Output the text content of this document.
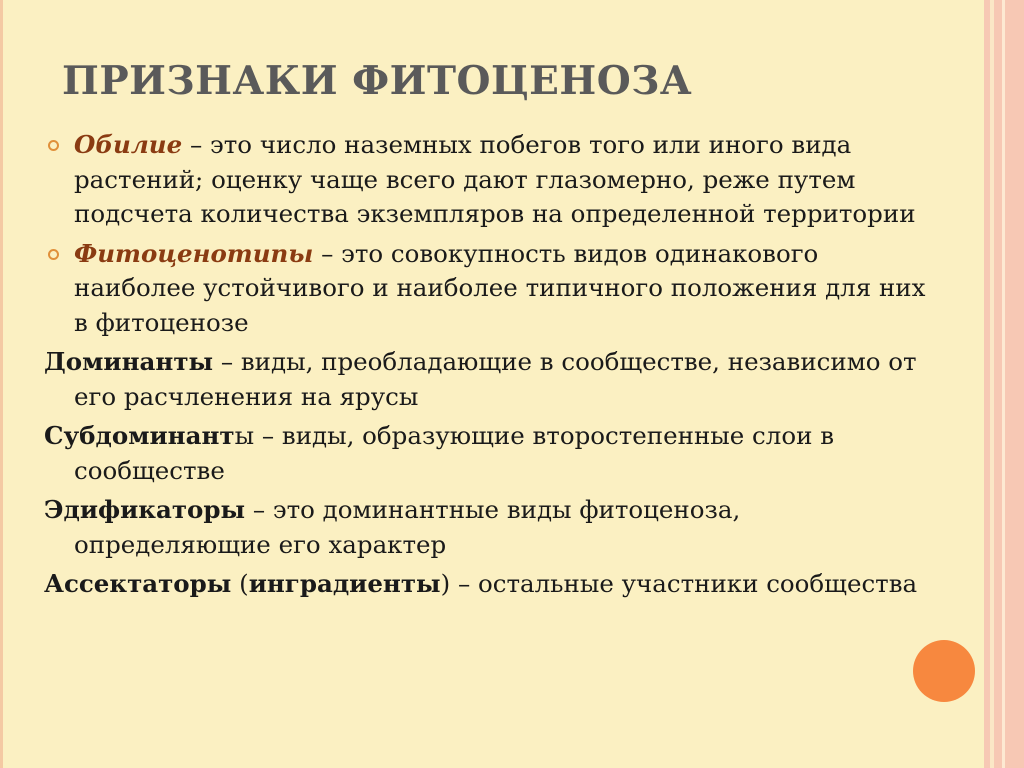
ПРИЗНАКИ ФИТОЦЕНОЗА

Обилие – это число наземных побегов того или иного вида растений; оценку чаще всего дают глазомерно, реже путем подсчета количества экземпляров на определенной территории

Фитоценотипы – это совокупность видов одинакового наиболее устойчивого и наиболее типичного положения для них в фитоценозе

Доминанты – виды, преобладающие в сообществе, независимо от его расчленения на ярусы

Субдоминанты – виды, образующие второстепенные слои в сообществе

Эдификаторы – это доминантные виды фитоценоза, определяющие его характер

Ассектаторы (инградиенты) – остальные участники сообщества
